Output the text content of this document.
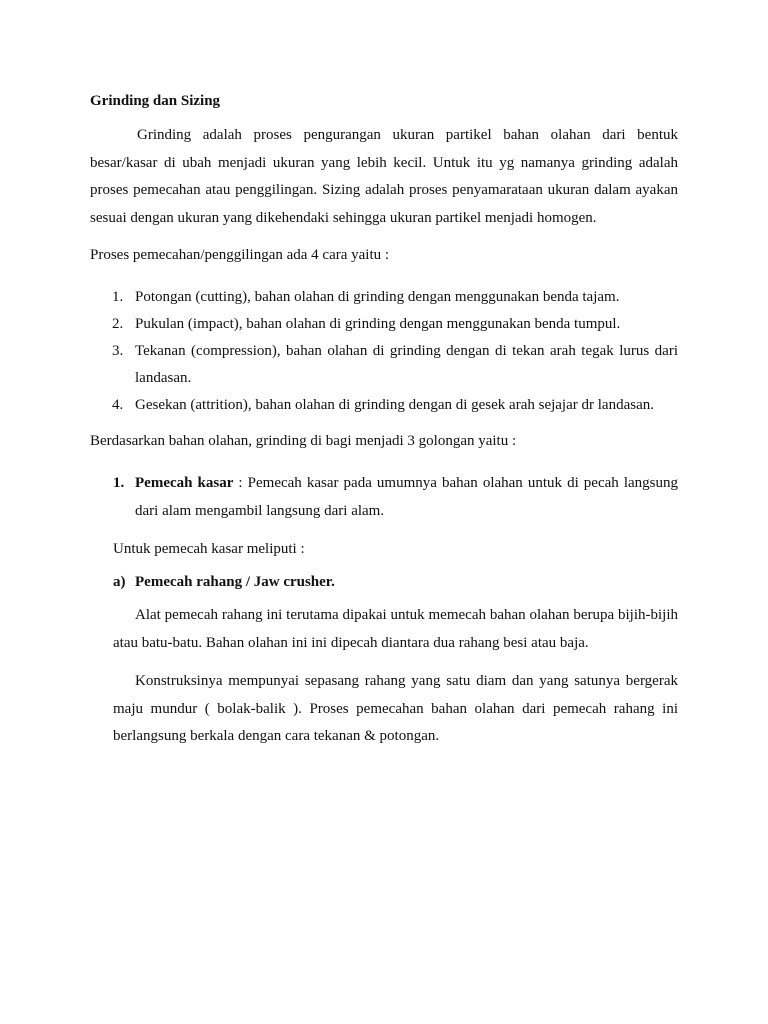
Grinding dan Sizing

Grinding adalah proses pengurangan ukuran partikel bahan olahan dari bentuk besar/kasar di ubah menjadi ukuran yang lebih kecil. Untuk itu yg namanya grinding adalah proses pemecahan atau penggilingan. Sizing adalah proses penyamarataan ukuran dalam ayakan sesuai dengan ukuran yang dikehendaki sehingga ukuran partikel menjadi homogen.

Proses pemecahan/penggilingan ada 4 cara yaitu :

1. Potongan (cutting), bahan olahan di grinding dengan menggunakan benda tajam.
2. Pukulan (impact), bahan olahan di grinding dengan menggunakan benda tumpul.
3. Tekanan (compression), bahan olahan di grinding dengan di tekan arah tegak lurus dari landasan.
4. Gesekan (attrition), bahan olahan di grinding dengan di gesek arah sejajar dr landasan.

Berdasarkan bahan olahan, grinding di bagi menjadi 3 golongan yaitu :

1. Pemecah kasar : Pemecah kasar pada umumnya bahan olahan untuk di pecah langsung dari alam mengambil langsung dari alam.

Untuk pemecah kasar meliputi :

a) Pemecah rahang / Jaw crusher.

Alat pemecah rahang ini terutama dipakai untuk memecah bahan olahan berupa bijih-bijih atau batu-batu. Bahan olahan ini ini dipecah diantara dua rahang besi atau baja.

Konstruksinya mempunyai sepasang rahang yang satu diam dan yang satunya bergerak maju mundur ( bolak-balik ). Proses pemecahan bahan olahan dari pemecah rahang ini berlangsung berkala dengan cara tekanan & potongan.
